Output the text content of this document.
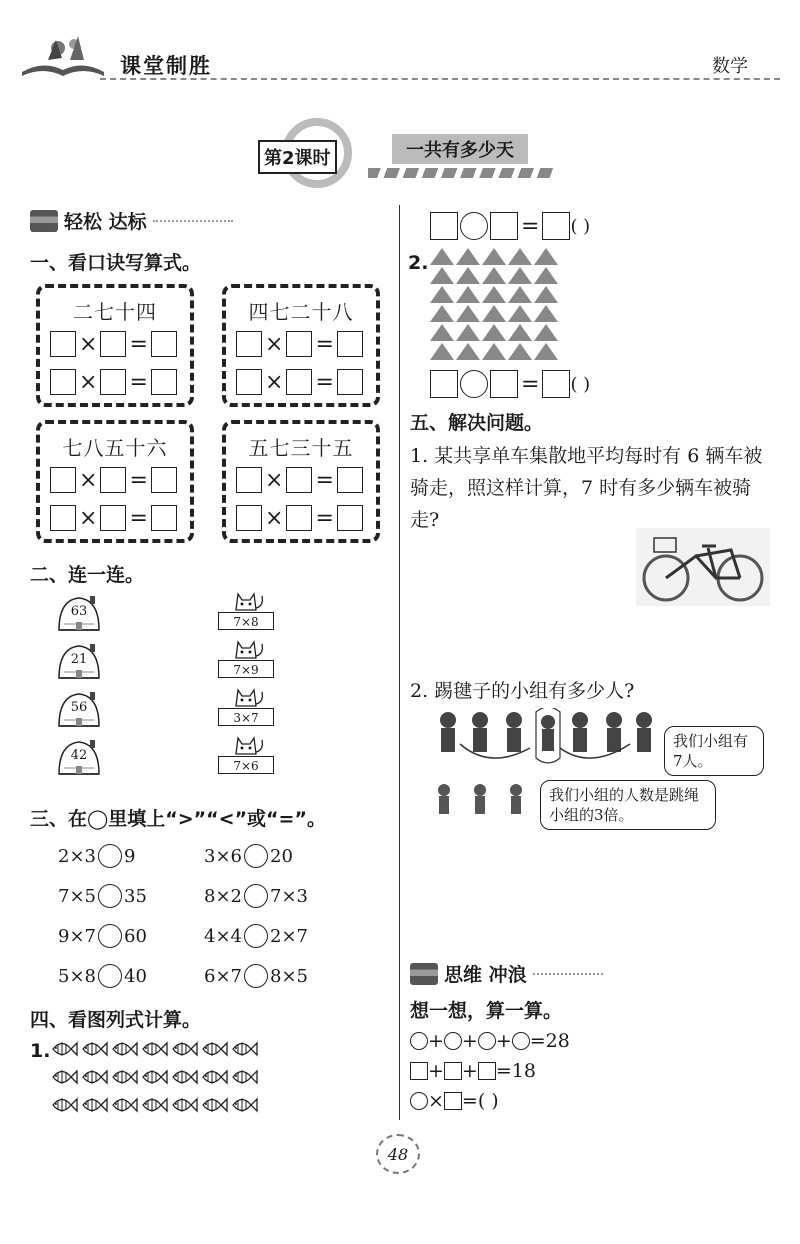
课堂制胜	数学
第2课时	一共有多少天
轻松 达标
一、看口诀写算式。
二七十四
× =
× =
四七二十八
× =
× =
七八五十六
× =
× =
五七三十五
× =
× =
二、连一连。
63
21
56
42
7×8
7×9
3×7
7×6
三、在◯里填上“>”“<”或“=”。
2×3 9	3×6 20
7×5 35	8×2 7×3
9×7 60	4×4 2×7
5×8 40	6×7 8×5
四、看图列式计算。
1.
= ( )
2.
= ( )
五、解决问题。
1. 某共享单车集散地平均每时有 6 辆车被骑走，照这样计算，7 时有多少辆车被骑走?
2. 踢毽子的小组有多少人?
我们小组有7人。
我们小组的人数是跳绳小组的3倍。
思维 冲浪
想一想，算一算。
+ + + =28
+ + =18
× =( )
48
